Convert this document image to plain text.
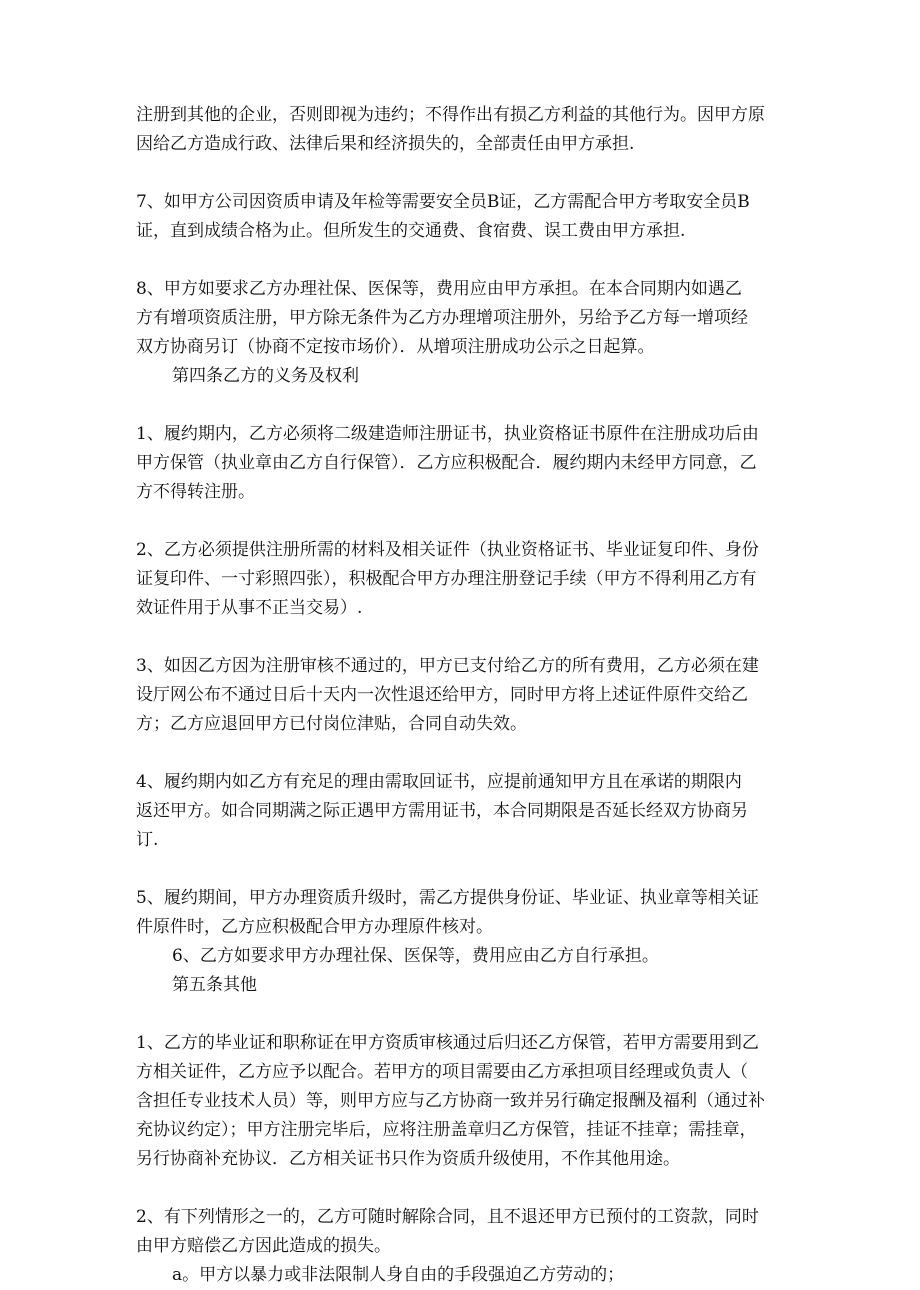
注册到其他的企业，否则即视为违约；不得作出有损乙方利益的其他行为。因甲方原

因给乙方造成行政、法律后果和经济损失的，全部责任由甲方承担.

7、如甲方公司因资质申请及年检等需要安全员B证，乙方需配合甲方考取安全员B

证，直到成绩合格为止。但所发生的交通费、食宿费、误工费由甲方承担.

8、甲方如要求乙方办理社保、医保等，费用应由甲方承担。在本合同期内如遇乙

方有增项资质注册，甲方除无条件为乙方办理增项注册外，另给予乙方每一增项经

双方协商另订（协商不定按市场价）．从增项注册成功公示之日起算。

第四条乙方的义务及权利

1、履约期内，乙方必须将二级建造师注册证书，执业资格证书原件在注册成功后由

甲方保管（执业章由乙方自行保管）．乙方应积极配合．履约期内未经甲方同意，乙

方不得转注册。

2、乙方必须提供注册所需的材料及相关证件（执业资格证书、毕业证复印件、身份

证复印件、一寸彩照四张），积极配合甲方办理注册登记手续（甲方不得利用乙方有

效证件用于从事不正当交易）.

3、如因乙方因为注册审核不通过的，甲方已支付给乙方的所有费用，乙方必须在建

设厅网公布不通过日后十天内一次性退还给甲方，同时甲方将上述证件原件交给乙

方；乙方应退回甲方已付岗位津贴，合同自动失效。

4、履约期内如乙方有充足的理由需取回证书，应提前通知甲方且在承诺的期限内

返还甲方。如合同期满之际正遇甲方需用证书，本合同期限是否延长经双方协商另

订.

5、履约期间，甲方办理资质升级时，需乙方提供身份证、毕业证、执业章等相关证

件原件时，乙方应积极配合甲方办理原件核对。

6、乙方如要求甲方办理社保、医保等，费用应由乙方自行承担。

第五条其他

1、乙方的毕业证和职称证在甲方资质审核通过后归还乙方保管，若甲方需要用到乙

方相关证件，乙方应予以配合。若甲方的项目需要由乙方承担项目经理或负责人（

含担任专业技术人员）等，则甲方应与乙方协商一致并另行确定报酬及福利（通过补

充协议约定）；甲方注册完毕后，应将注册盖章归乙方保管，挂证不挂章；需挂章，

另行协商补充协议．乙方相关证书只作为资质升级使用，不作其他用途。

2、有下列情形之一的，乙方可随时解除合同，且不退还甲方已预付的工资款，同时

由甲方赔偿乙方因此造成的损失。

a。甲方以暴力或非法限制人身自由的手段强迫乙方劳动的；
